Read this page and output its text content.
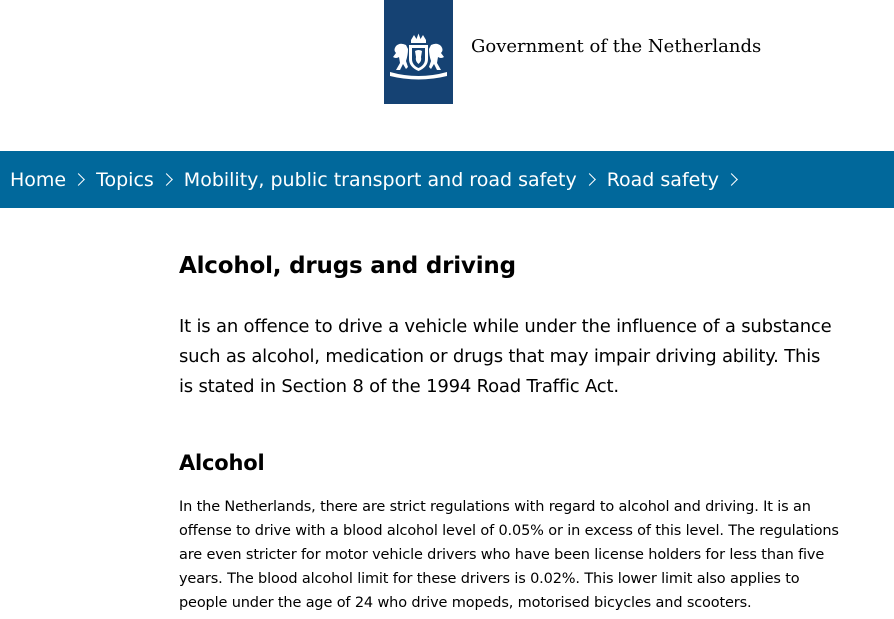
Government of the Netherlands
Home Topics Mobility, public transport and road safety Road safety
Alcohol, drugs and driving

It is an offence to drive a vehicle while under the influence of a substance
such as alcohol, medication or drugs that may impair driving ability. This
is stated in Section 8 of the 1994 Road Traffic Act.

Alcohol

In the Netherlands, there are strict regulations with regard to alcohol and driving. It is an
offense to drive with a blood alcohol level of 0.05% or in excess of this level. The regulations
are even stricter for motor vehicle drivers who have been license holders for less than five
years. The blood alcohol limit for these drivers is 0.02%. This lower limit also applies to
people under the age of 24 who drive mopeds, motorised bicycles and scooters.
